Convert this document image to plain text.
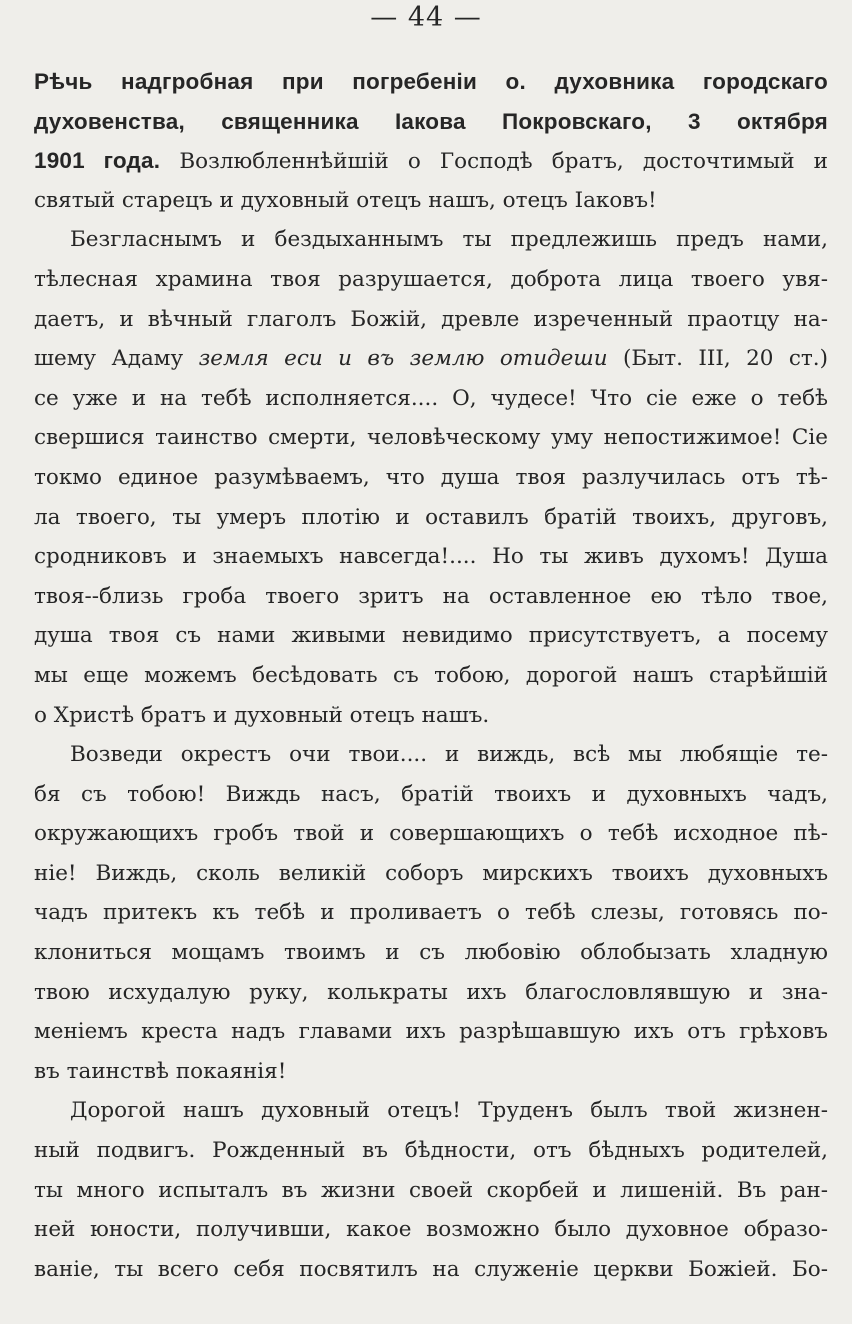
— 44 —
Рѣчь надгробная при погребеніи о. духовника городскаго
духовенства, священника Іакова Покровскаго, 3 октября
1901 года. Возлюбленнѣйшій о Господѣ братъ, досточтимый и
святый старецъ и духовный отецъ нашъ, отецъ Іаковъ!
Безгласнымъ и бездыханнымъ ты предлежишь предъ нами,
тѣлесная храмина твоя разрушается, доброта лица твоего увя-
даетъ, и вѣчный глаголъ Божій, древле изреченный праотцу на-
шему Адаму земля еси и въ землю отидеши (Быт. III, 20 ст.)
се уже и на тебѣ исполняется.... О, чудесе! Что сіе еже о тебѣ
свершися таинство смерти, человѣческому уму непостижимое! Сіе
токмо единое разумѣваемъ, что душа твоя разлучилась отъ тѣ-
ла твоего, ты умеръ плотію и оставилъ братій твоихъ, друговъ,
сродниковъ и знаемыхъ навсегда!.... Но ты живъ духомъ! Душа
твоя--близь гроба твоего зритъ на оставленное ею тѣло твое,
душа твоя съ нами живыми невидимо присутствуетъ, а посему
мы еще можемъ бесѣдовать съ тобою, дорогой нашъ старѣйшій
о Христѣ братъ и духовный отецъ нашъ.
Возведи окрестъ очи твои.... и виждь, всѣ мы любящіе те-
бя съ тобою! Виждь насъ, братій твоихъ и духовныхъ чадъ,
окружающихъ гробъ твой и совершающихъ о тебѣ исходное пѣ-
ніе! Виждь, сколь великій соборъ мирскихъ твоихъ духовныхъ
чадъ притекъ къ тебѣ и проливаетъ о тебѣ слезы, готовясь по-
клониться мощамъ твоимъ и съ любовію облобызать хладную
твою исхудалую руку, колькраты ихъ благословлявшую и зна-
меніемъ креста надъ главами ихъ разрѣшавшую ихъ отъ грѣховъ
въ таинствѣ покаянія!
Дорогой нашъ духовный отецъ! Труденъ былъ твой жизнен-
ный подвигъ. Рожденный въ бѣдности, отъ бѣдныхъ родителей,
ты много испыталъ въ жизни своей скорбей и лишеній. Въ ран-
ней юности, получивши, какое возможно было духовное образо-
ваніе, ты всего себя посвятилъ на служеніе церкви Божіей. Бо-
